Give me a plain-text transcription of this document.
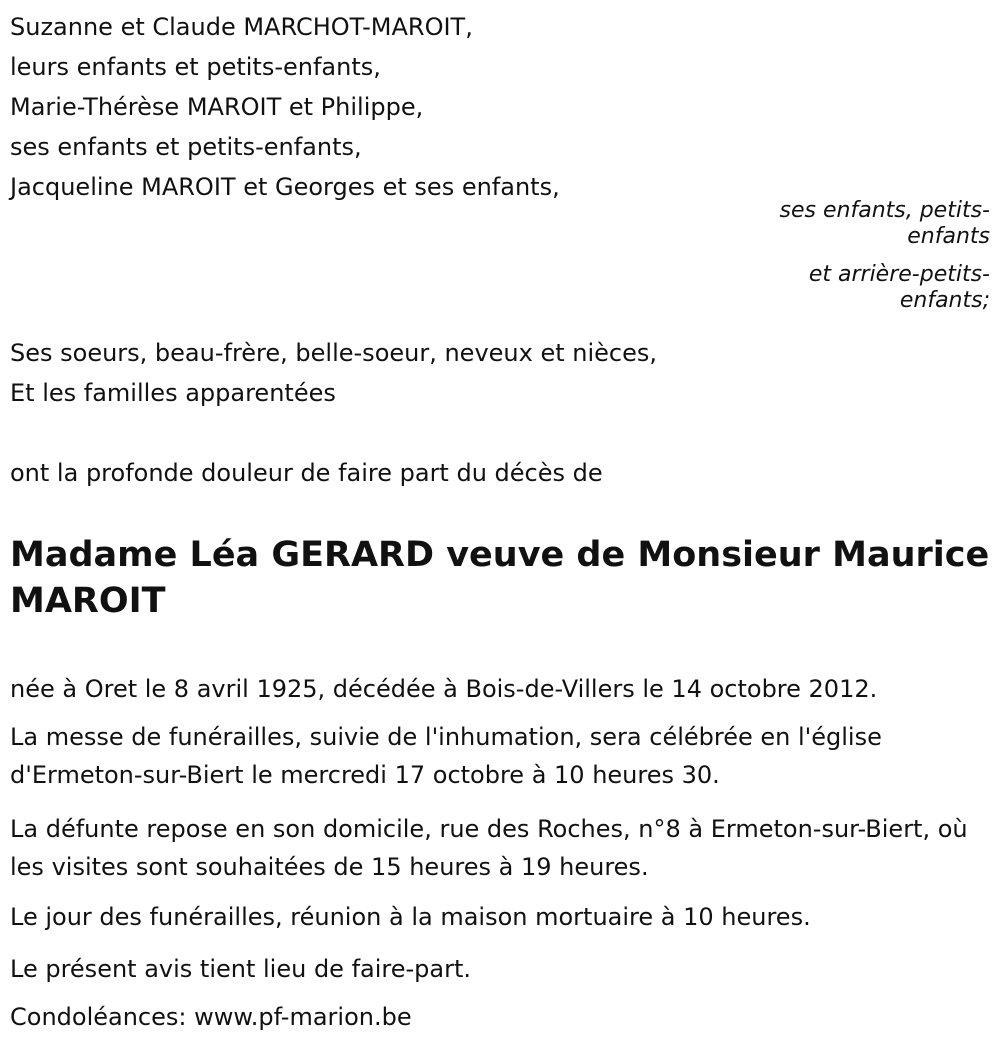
Suzanne et Claude MARCHOT-MAROIT,
leurs enfants et petits-enfants,
Marie-Thérèse MAROIT et Philippe,
ses enfants et petits-enfants,
Jacqueline MAROIT et Georges et ses enfants,
ses enfants, petits-enfants
et arrière-petits-enfants;
Ses soeurs, beau-frère, belle-soeur, neveux et nièces,
Et les familles apparentées
ont la profonde douleur de faire part du décès de
Madame Léa GERARD veuve de Monsieur Maurice MAROIT
née à Oret le 8 avril 1925, décédée à Bois-de-Villers le 14 octobre 2012.
La messe de funérailles, suivie de l'inhumation, sera célébrée en l'église d'Ermeton-sur-Biert le mercredi 17 octobre à 10 heures 30.
La défunte repose en son domicile, rue des Roches, n°8 à Ermeton-sur-Biert, où les visites sont souhaitées de 15 heures à 19 heures.
Le jour des funérailles, réunion à la maison mortuaire à 10 heures.
Le présent avis tient lieu de faire-part.
Condoléances: www.pf-marion.be
